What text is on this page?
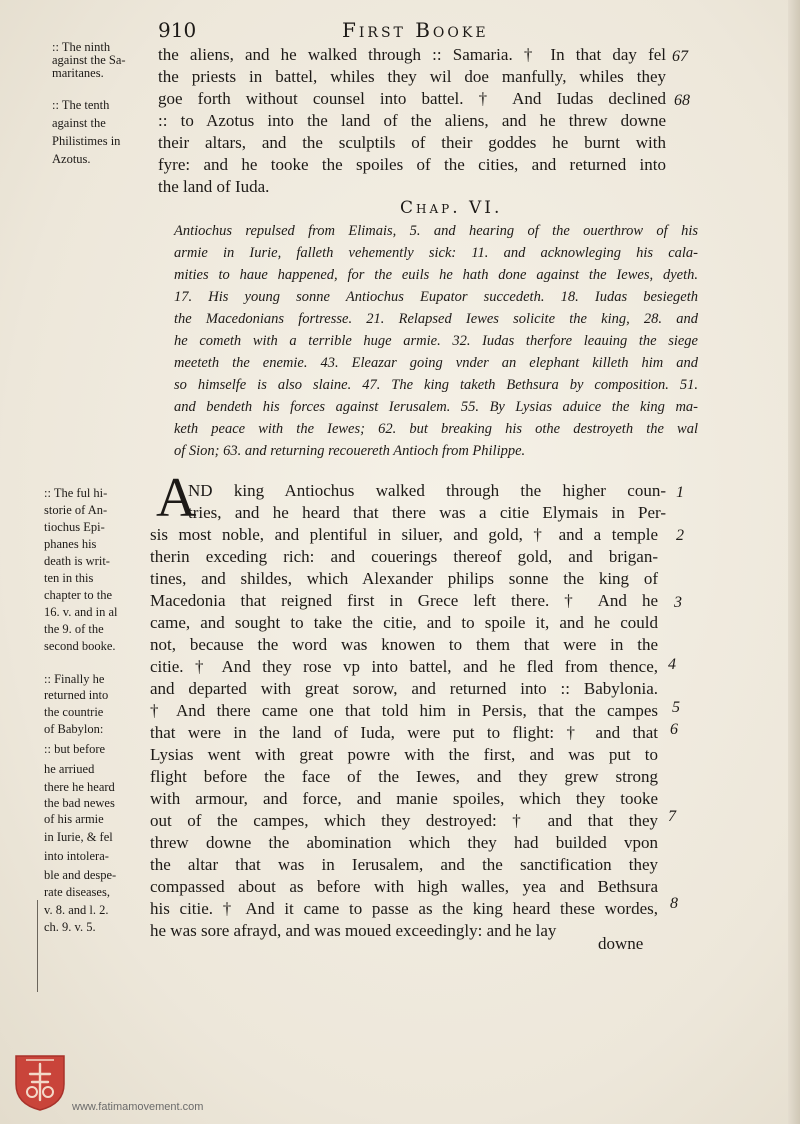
910	First Booke
:: The ninth
against the Sa-
maritanes.
:: The tenth
against the
Philistimes in
Azotus.
the aliens, and he walked through :: Samaria. † In that day fel
the priests in battel, whiles they wil doe manfully, whiles they
goe forth without counsel into battel. † And Iudas declined
:: to Azotus into the land of the aliens, and he threw downe
their altars, and the sculptils of their goddes he burnt with
fyre: and he tooke the spoiles of the cities, and returned into
the land of Iuda.
67
68
Chap. VI.
Antiochus repulsed from Elimais, 5. and hearing of the ouerthrow of his
armie in Iurie, falleth vehemently sick: 11. and acknowleging his cala-
mities to haue happened, for the euils he hath done against the Iewes, dyeth.
17. His young sonne Antiochus Eupator succedeth. 18. Iudas besiegeth
the Macedonians fortresse. 21. Relapsed Iewes solicite the king, 28. and
he cometh with a terrible huge armie. 32. Iudas therfore leauing the siege
meeteth the enemie. 43. Eleazar going vnder an elephant killeth him and
so himselfe is also slaine. 47. The king taketh Bethsura by composition. 51.
and bendeth his forces against Ierusalem. 55. By Lysias aduice the king ma-
keth peace with the Iewes; 62. but breaking his othe destroyeth the wal
of Sion; 63. and returning recouereth Antioch from Philippe.
:: The ful hi-
storie of An-
tiochus Epi-
phanes his
death is writ-
ten in this
chapter to the
16. v. and in al
the 9. of the
second booke.
:: Finally he
returned into
the countrie
of Babylon:
:: but before
he arriued
there he heard
the bad newes
of his armie
in Iurie, & fel
into intolera-
ble and despe-
rate diseases,
v. 8. and l. 2.
ch. 9. v. 5.
A
ND king Antiochus walked through the higher coun-
tries, and he heard that there was a citie Elymais in Per-
sis most noble, and plentiful in siluer, and gold, † and a temple
therin exceding rich: and couerings thereof gold, and brigan-
tines, and shildes, which Alexander philips sonne the king of
Macedonia that reigned first in Grece left there. † And he
came, and sought to take the citie, and to spoile it, and he could
not, because the word was knowen to them that were in the
citie. † And they rose vp into battel, and he fled from thence,
and departed with great sorow, and returned into :: Babylonia.
† And there came one that told him in Persis, that the campes
that were in the land of Iuda, were put to flight: † and that
Lysias went with great powre with the first, and was put to
flight before the face of the Iewes, and they grew strong
with armour, and force, and manie spoiles, which they tooke
out of the campes, which they destroyed: † and that they
threw downe the abomination which they had builded vpon
the altar that was in Ierusalem, and the sanctification they
compassed about as before with high walles, yea and Bethsura
his citie. † And it came to passe as the king heard these wordes,
he was sore afrayd, and was moued exceedingly: and he lay
1
2
3
4
5
6
7
8
downe
www.fatimamovement.com
